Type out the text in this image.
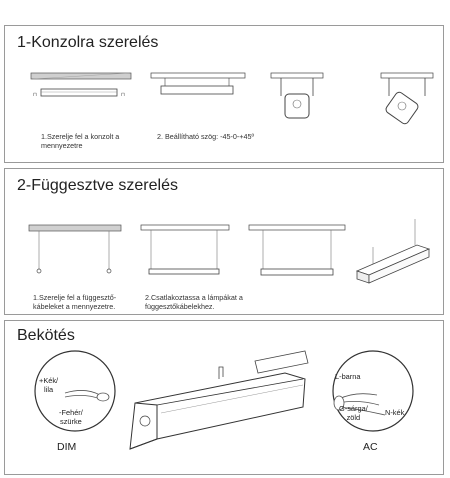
1-Konzolra szerelés
⊓	⊓
1.Szerelje fel a konzolt a
mennyezetre
2. Beállítható szög: -45-0-+45º
2-Függesztve szerelés
1.Szerelje fel a függesztő-
kábeleket a mennyezetre.
2.Csatlakoztassa a lámpákat a
függesztőkábelekhez.
Bekötés
+Kék/
lila
-Fehér/
szürke
L-barna
G-sárga/
zöld	N-kék
DIM	AC
